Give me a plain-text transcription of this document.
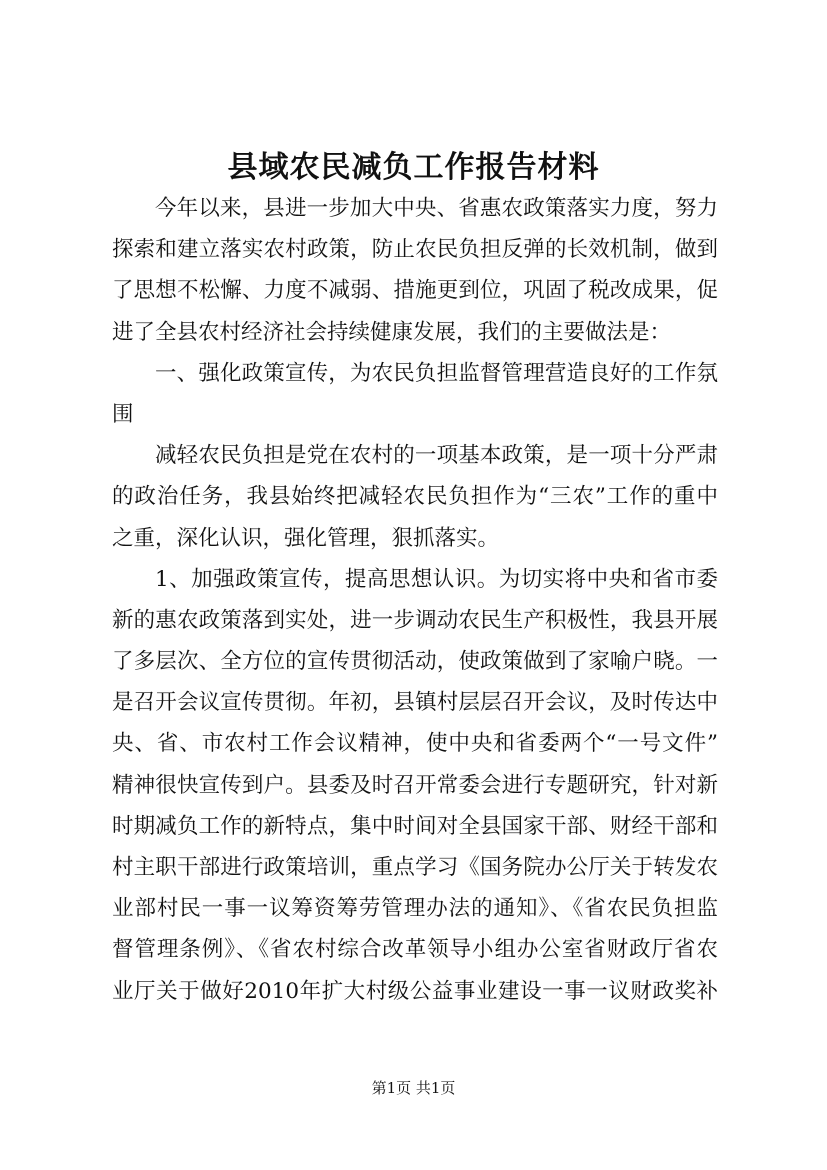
县域农民减负工作报告材料
今年以来，县进一步加大中央、省惠农政策落实力度，努力
探索和建立落实农村政策，防止农民负担反弹的长效机制，做到
了思想不松懈、力度不减弱、措施更到位，巩固了税改成果，促
进了全县农村经济社会持续健康发展，我们的主要做法是：
一、强化政策宣传，为农民负担监督管理营造良好的工作氛
围
减轻农民负担是党在农村的一项基本政策，是一项十分严肃
的政治任务，我县始终把减轻农民负担作为“三农”工作的重中
之重，深化认识，强化管理，狠抓落实。
1、加强政策宣传，提高思想认识。为切实将中央和省市委
新的惠农政策落到实处，进一步调动农民生产积极性，我县开展
了多层次、全方位的宣传贯彻活动，使政策做到了家喻户晓。一
是召开会议宣传贯彻。年初，县镇村层层召开会议，及时传达中
央、省、市农村工作会议精神，使中央和省委两个“一号文件”
精神很快宣传到户。县委及时召开常委会进行专题研究，针对新
时期减负工作的新特点，集中时间对全县国家干部、财经干部和
村主职干部进行政策培训，重点学习《国务院办公厅关于转发农
业部村民一事一议筹资筹劳管理办法的通知》、《省农民负担监
督管理条例》、《省农村综合改革领导小组办公室省财政厅省农
业厅关于做好2010年扩大村级公益事业建设一事一议财政奖补
第1页 共1页
